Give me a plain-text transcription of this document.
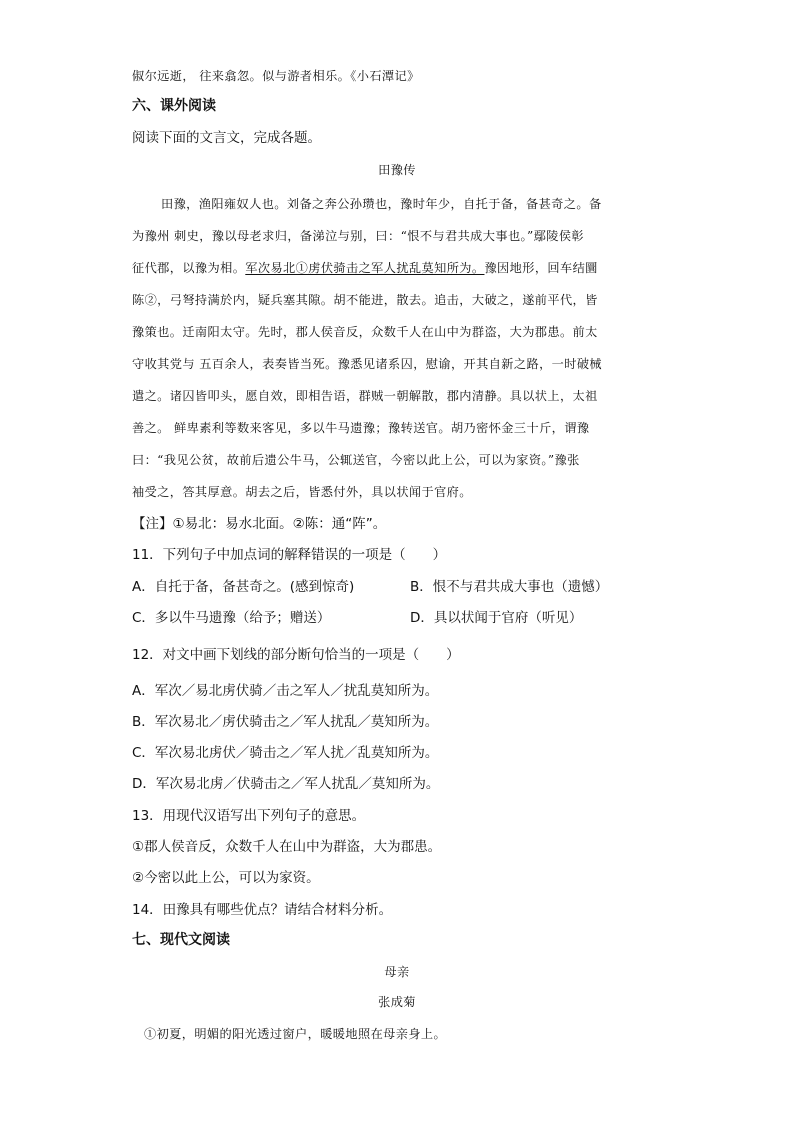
俶尔远逝， 往来翕忽。似与游者相乐。《小石潭记》
六、课外阅读
阅读下面的文言文，完成各题。
田豫传
田豫，渔阳雍奴人也。刘备之奔公孙瓒也，豫时年少，自托于备，备甚奇之。备
为豫州 刺史，豫以母老求归，备涕泣与别，曰：“恨不与君共成大事也。”鄢陵侯彰
征代郡，以豫为相。军次易北①虏伏骑击之军人扰乱莫知所为。豫因地形，回车结圜
陈②，弓弩持满於内，疑兵塞其隙。胡不能进，散去。追击，大破之，遂前平代，皆
豫策也。迁南阳太守。先时，郡人侯音反，众数千人在山中为群盗，大为郡患。前太
守收其党与 五百余人，表奏皆当死。豫悉见诸系囚，慰谕，开其自新之路，一时破械
遣之。诸囚皆叩头，愿自效，即相告语，群贼一朝解散，郡内清静。具以状上，太祖
善之。 鲜卑素利等数来客见，多以牛马遗豫；豫转送官。胡乃密怀金三十斤，谓豫
曰：“我见公贫，故前后遗公牛马，公辄送官，今密以此上公，可以为家资。”豫张
袖受之，答其厚意。胡去之后，皆悉付外，具以状闻于官府。
【注】①易北：易水北面。②陈：通“阵”。
11．下列句子中加点词的解释错误的一项是（　　）
A．自托于备，备甚奇之。(感到惊奇)	B．恨不与君共成大事也（遗憾）
C．多以牛马遗豫（给予；赠送）	D．具以状闻于官府（听见）
12．对文中画下划线的部分断句恰当的一项是（　　）
A．军次／易北虏伏骑／击之军人／扰乱莫知所为。
B．军次易北／虏伏骑击之／军人扰乱／莫知所为。
C．军次易北虏伏／骑击之／军人扰／乱莫知所为。
D．军次易北虏／伏骑击之／军人扰乱／莫知所为。
13．用现代汉语写出下列句子的意思。
①郡人侯音反，众数千人在山中为群盗，大为郡患。
②今密以此上公，可以为家资。
14．田豫具有哪些优点？请结合材料分析。
七、现代文阅读
母亲
张成菊
①初夏，明媚的阳光透过窗户，暖暖地照在母亲身上。
